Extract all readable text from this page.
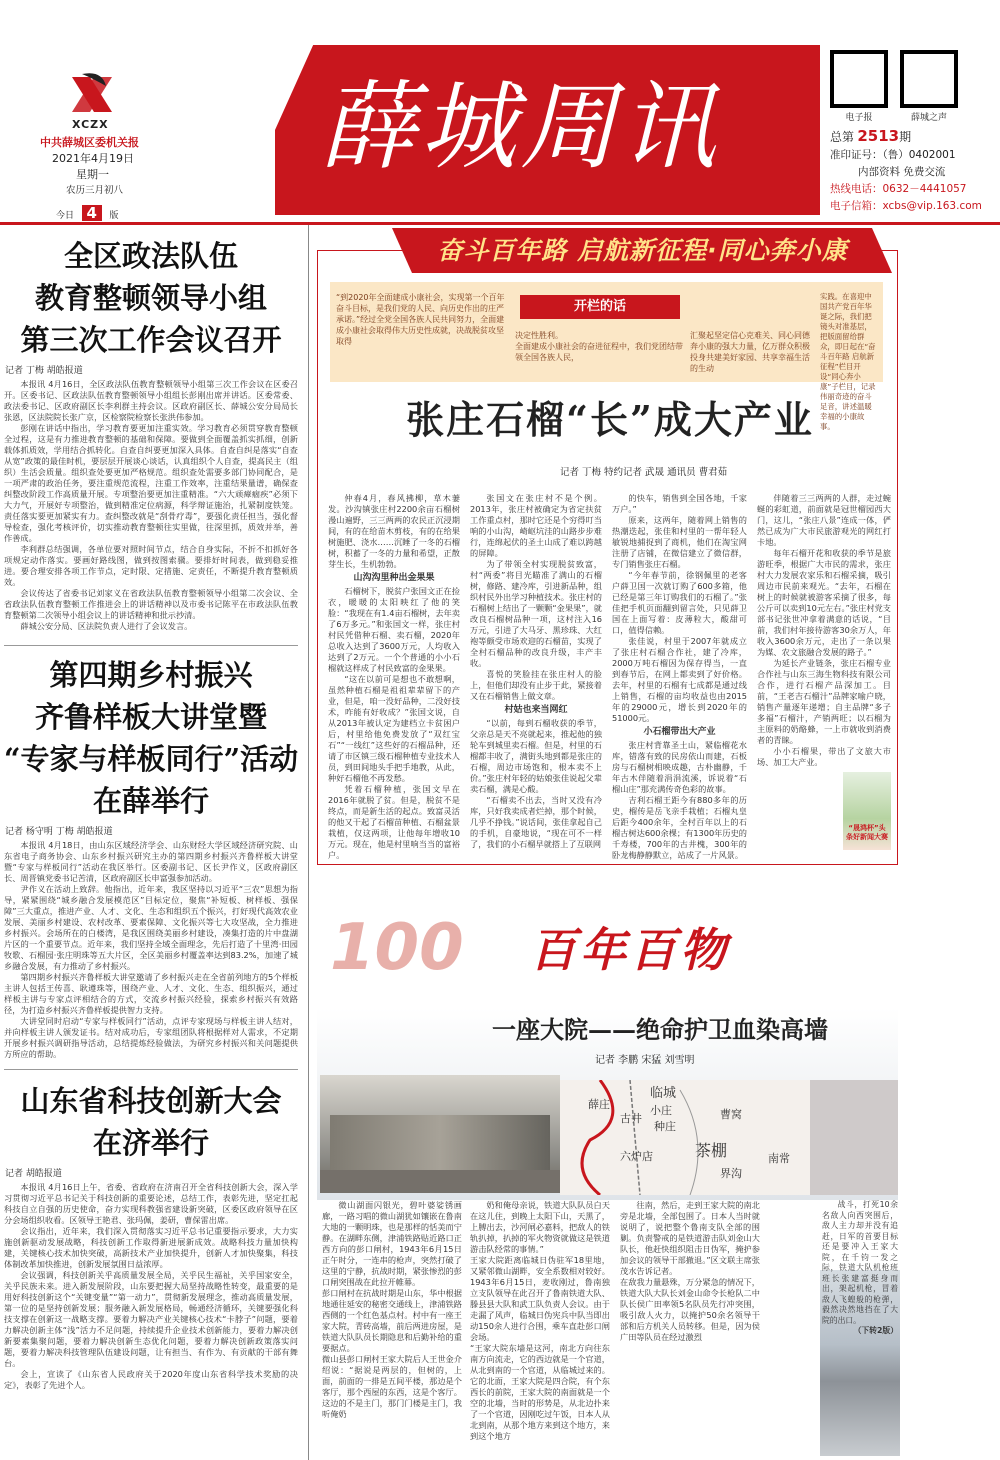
XCZX
中共薛城区委机关报
2021年4月19日
星期一
农历三月初八
今日 4 版
薛城周讯	电子报	薛城之声
总第 2513期
准印证号：（鲁）0402001
内部资料 免费交流
热线电话：0632－4441057
电子信箱：xcbs@vip.163.com
全区政法队伍
教育整顿领导小组
第三次工作会议召开
记者 丁梅 胡皓报道

本报讯 4月16日，全区政法队伍教育整顿领导小组第三次工作会议在区委召开。区委书记、区政法队伍教育整顿领导小组组长彭刚出席并讲话。区委常委、政法委书记、区政府副区长李利群主持会议。区政府副区长、薛城公安分局局长张恩，区法院院长张广京，区检察院检察长张洪伟参加。

彭刚在讲话中指出，学习教育要更加注重实效。学习教育必须贯穿教育整顿全过程，这是有力推进教育整顿的基础和保障。要做到全面覆盖抓实抓细，创新载体抓质效，学用结合抓转化。自查自纠要更加深入具体。自查自纠是落实“自查从宽”政策的最佳时机，要层层开展谈心谈话，认真组织个人自查，提高民主（组织）生活会质量。组织查处要更加严格规范。组织查处需要多部门协同配合，是一项严肃的政治任务，要注重规范流程，注重工作效率，注重结果量谱，确保查纠整改阶段工作高质量开展。专项整治要更加注重精准。“六大顽瘴痼疾”必须下大力气，开展好专项整治，做到精准定位病源，科学辩证施治，扎紧制度铁笼。责任落实要更加紧实有力。查纠整改就是“刮骨疗毒”，要强化责任担当，强化督导检查，强化考核评价，切实推动教育整顿往实里做，往深里抓，质效并举，善作善成。

李利群总结强调，各单位要对照时间节点，结合自身实际，不折不扣抓好各项规定动作落实。要画好路线图，做到按图索骥。要排好时间表，做到稳妥推进。要合理安排各项工作节点，定时限、定措施、定责任，不断提升教育整顿质效。

会议传达了省委书记刘家义在省政法队伍教育整顿领导小组第二次会议、全省政法队伍教育整顿工作推进会上的讲话精神以及市委书记陈平在市政法队伍教育整顿第二次领导小组会议上的讲话精神和批示抄清。

薛城公安分局、区法院负责人进行了会议发言。

第四期乡村振兴
齐鲁样板大讲堂暨
“专家与样板同行”活动
在薛举行
记者 杨守明 丁梅 胡皓报道

本报讯 4月18日，由山东区域经济学会、山东财经大学区域经济研究院、山东省电子商务协会、山东乡村振兴研究主办的第四期乡村振兴齐鲁样板大讲堂暨“专家与样板同行”活动在我区举行。区委副书记、区长尹作义，区政府副区长、周晋镇党委书记苦清，区政府副区长申富强参加活动。

尹作义在活动上致辞。他指出，近年来，我区坚持以习近平“三农”思想为指导，紧紧围绕“城乡融合发展模范区”目标定位，聚焦“补短板、树样板、强保障”三大重点，推进产业、人才、文化、生态和组织五个振兴，打好现代高效农业发展、美丽乡村建设、农村改革、要素保障、文化振兴等七大攻坚战，全力推进乡村振兴。会场所在的白楼湾，是我区围绕美丽乡村建设，凑集打造的片中盘湖片区的一个重要节点。近年来，我们坚持全域全面理念，先后打造了十里湾·田园牧歌、石榴园·张庄明珠等五大片区，全区美丽乡村覆盖率达到83.2%，加速了城乡融合发展，有力推动了乡村振兴。

第四期乡村振兴齐鲁样板大讲堂邀请了乡村振兴走在全省前列地方的5个样板主讲人包括王传喜、耿遵珠等，围绕产业、人才、文化、生态、组织振兴，通过样板主讲与专家点评相结合的方式，交流乡村振兴经验，探索乡村振兴有效路径，为打造乡村振兴齐鲁样板提供智力支持。

大讲堂同时启动“专家与样板同行”活动，点评专家现场与样板主讲人结对，并向样板主讲人颁发证书。结对成功后，专家组团队将根据样对人需求，不定期开展乡村振兴调研指导活动，总结提炼经验做法，为研究乡村振兴和关问题提供方所应的帮助。

山东省科技创新大会
在济举行
记者 胡皓报道

本报讯 4月16日上午，省委、省政府在济南召开全省科技创新大会，深入学习贯彻习近平总书记关于科技创新的重要论述，总结工作，表彰先进，坚定扛起科技自立自强的历史使命，奋力实现科教强省建设新突破，区委区政府领导在区分会场组织收看。区领导王艳君、张玛佩，姜研，曹保雷出席。

会议指出，近年来，我们深入贯彻落实习近平总书记重要指示要求，大力实施创新驱动发展战略，科技创新工作取得新进展新成效。战略科技力量加快构建，关键核心技术加快突破，高新技术产业加快提升，创新人才加快聚集，科技体制改革加快推进，创新发展氛围日益浓厚。

会议强调，科技创新关乎高质量发展全局，关乎民生福祉，关乎国家安全，关乎民族未来。进入新发展阶段，山东要把握大局坚持战略性转变，最重要的是用好科技创新这个“关键变量”“第一动力”，贯彻新发展理念，推动高质量发展，第一位的是坚持创新发展；服务融入新发展格局，畅通经济循环，关键要强化科技支撑在创新这一战略支撑。要着力解决产业关键核心技术“卡脖子”问题，要着力解决创新主体“浅”活力不足问题，持续提升企业技术创新能力，要着力解决创新要素集聚问题，要着力解决创新生态优化问题，要着力解决创新政策落实问题，要着力解决科技管理队伍建设问题，让有担当、有作为、有贡献的干部有舞台。

会上，宣读了《山东省人民政府关于2020年度山东省科学技术奖励的决定》，表彰了先进个人。

奋斗百年路 启航新征程·同心奔小康
开栏的话
“到2020年全面建成小康社会，实现第一个百年奋斗目标，是我们党的人民、向历史作出的庄严承诺。”经过全党全国各族人民共同努力，全面建成小康社会取得伟大历史性成就，决战脱贫攻坚取得
决定性胜利。
全面建成小康社会的奋进征程中，我们党团结带领全国各族人民，
汇聚起坚定信心克难关、同心同德奔小康的强大力量，亿万群众积极投身共建美好家园、共享幸福生活的生动
实践。在喜迎中国共产党百年华诞之际，我们把镜头对准基层，把版面留给群众，即日起在“奋斗百年路 启航新征程”栏目开设“同心奔小康”子栏目，记录伟丽奇迹的奋斗足音，讲述温暖幸福的小康故事。
张庄石榴“长”成大产业
记者 丁梅 特约记者 武晟 通讯员 曹君茹

仲春4月，春风拂柳，草木萋发。沙沟镇张庄村2200余亩石榴树漫山遍野，三三两两的农民正沉浸期间，有的在给苗木剪枝，有的在给果树施肥、浇水……沉睡了一冬的石榴树，积蓄了一冬的力量和希望，正散芽生长，生机勃勃。

山沟沟里种出金果果

石榴树下，脱贫户张国文正在捡衣，暖暖的太阳映红了他的笑脸：“我现在有1.4亩石榴树，去年卖了6万多元。”和张国文一样，张庄村村民凭借种石榴、卖石榴，2020年总收入达到了3600万元，人均收入达到了2万元。一个个普通的小小石榴就这样成了村民致富的金果果。

“这在以前可是想也不敢想啊，虽然种植石榴是祖祖辈辈留下的产业，但是，咱一没好品种，二没好技术，咋能有好收成？”张国文说，自从2013年被认定为建档立卡贫困户后，村里给他免费发放了“双红宝石”“一线红”这些好的石榴品种，还请了市区镇三级石榴种植专业技术人员，到田间地头手把手地教，从此，种好石榴他不再发愁。

凭着石榴种植，张国文早在2016年就脱了贫。但是，脱贫不是终点，而是新生活的起点。致富灵活的他又干起了石榴苗种植、石榴盆景栽植，仅这两项，让他每年增收10万元。现在，他是村里响当当的富裕户。

张国文在张庄村不是个例。2013年，张庄村被确定为省定扶贫工作重点村，那时它还是个穷得叮当响的小山沟，崎岖坑洼的山路步步难行，连绵起伏的圣土山成了难以跨越的屏障。

为了带领全村实现脱贫致富，村“两委”将目光瞄准了满山的石榴树，修路、建冷库，引进新品种，组织村民外出学习种植技术。张庄村的石榴树上结出了一颗颗“金果果”，就改良石榴树品种一项，这村注入16万元，引进了大马牙、黑珍珠、大红袍等颇受市场欢迎的石榴苗，实现了全村石榴品种的改良升级，丰产丰收。

喜悦的笑脸挂在张庄村人的脸上，但他们却没有止步于此，紧接着又在石榴销售上做文章。

村姑也来当网红

“以前，每到石榴收获的季节，父亲总是天不亮就起来，推起他的独轮车到城里卖石榴。但是，村里的石榴都丰收了，满街头地到都是张庄的石榴，周边市场饱和，根本卖不上价。”张庄村年轻的姑娘张佳说起父辈卖石榴，满是心酸。

“石榴卖不出去，当时又没有冷库，只好我卖成者烂掉，那个时候，几乎不挣钱。”说话间，张佳拿起自己的手机，自豪地说，“现在可不一样了，我们的小石榴早就搭上了互联网

的快车，销售到全国各地，千家万户。”

原来，这两年，随着网上销售的热潮迭起，张佳和村里的一帮年轻人敏锐地捕捉到了商机，他们在淘宝网注册了店铺，在微信建立了微信群，专门销售张庄石榴。

“今年春节前，徐钢佩里的老客户薛卫国一次就订购了600多箱，他已经是第三年订购我们的石榴了。”张佳把手机页面翻到留言处，只见薛卫国在上面写着：皮薄粒大，酸甜可口，值得信赖。

张佳说，村里于2007年就成立了张庄村石榴合作社，建了冷库，2000万吨石榴因为保存得当，一直到春节后，在网上都卖到了好价格。去年，村里的石榴有七成都是通过线上销售，石榴的亩均收益也由2015年的29000元，增长到2020年的51000元。

小石榴带出大产业

张庄村背靠圣土山，紧临榴花水库，错落有致的民房依山而建，石板房与石榴树相映成趣，古朴幽静，千年古木伴随着涓涓流溪，诉说着“石榴山庄”那充满传奇色彩的故事。

吉利石榴王距今有880多年的历史，榴传是岳飞亲手栽植；石榴丸皇后距今400余年，全村百年以上的石榴古树达600余棵；有1300年历史的千寿楼，700年的古井槐，300年的卧龙梅静静默立，站成了一片风景。

伴随着三三两两的人群，走过蜿蜒的彩虹道，前面就是冠世榴园西大门，这儿，“张庄八景”连成一体，俨然已成为广大市民旅游观光的网红打卡地。

每年石榴开花和收获的季节是旅游旺季，根据广大市民的需求，张庄村大力发展农家乐和石榴采摘，吸引周边市民前来观光。“去年，石榴在树上的时候就被游客采摘了很多，每公斤可以卖到10元左右。”张庄村党支部书记张世冲拿着满意的话说，“目前，我们村年接待游客30余万人，年收入3600余万元，走出了一条以果为媒、农文旅融合发展的路子。”

为延长产业链条，张庄石榴专业合作社与山东三海生物科技有限公司合作，进行石榴产品深加工。目前，“王老吉石榴汁”品牌家喻户晓，销售产量逐年递增；自主品牌“多子多福”石榴汁，产销两旺；以石榴为主原料的奶酪蜂，一上市就收到消费者的青睐。

小小石榴果，带出了文旅大市场、加工大产业。

“晟鸿杯”头条好新闻大赛
100	百年百物
一座大院——绝命护卫血染高墙
记者 李鹏 宋猛 刘雪明
临城
薛庄	小庄
古井
种庄
曹窝
茶棚
六炉店
界沟
南常
微山湖面闪银光，碧叶婆娑锈画廊，一路习唱的微山湖犹如镶嵌在鲁南大地的一颗明珠，也是那样的恬美而宁静。在湖畔东侧，津浦铁路贴近路口正西方向的彭口闸村，1943年6月15日正午时分，一连串的枪声，突然打破了这里的宁静，抗战时期，紧张惨烈的彭口闸突围战在此拉开帷幕。
彭口闸村在抗战时期是山东，华中根据地通往延安的秘密交通线上，津浦铁路西侧的一个红色基点村。村中有一座王家大院，青砖高墙，前后两进房屋，是铁道大队队员长期隐息和后勤补给的重要据点。
微山县彭口闸村王家大院后人王世金介绍说：“据说是两层的，但树的，上面，前面的一排是五间平楼，那边是个客厅，那个西屋的东西，这是个客厅。这边的不是主门，那门门楼是主门，我听俺奶
奶和俺母亲说，铁道大队队员白天在这儿住，到晚上太阳下山，天黑了，上膊出去，沙河闸必嘉料，把敌人的铁轨扒掉，扒掉的军火物资就做这是铁道游击队经常的事情。”
王家大院距离临城日伪驻军18里地，又紧邻微山湖畔，安全系数相对较好。1943年6月15日，麦收刚过，鲁南独立支队领导在此召开了鲁南铁道大队、滕县县大队和武工队负责人会议。由于走漏了风声，临城日伪宪兵中队当即出动150余人进行合围，乘车直赴彭口闸会场。
“王家大院东墙是这河，南北方向往东南方向流走，它的西边就是一个官道，从北到南的一个官道，从临城过来的。它的北面，王家大院是四合院，有个东西长的前院，王家大院的南面就是一个空的北墙，当时的形势是，从北边扑来了一个官道，因刚吃过午饭，日本人从北到南，从那个地方来到这个地方，来到这个地方
往南，然后，走到王家大院的南北旁是北墙，全部包围了。日本人当时就说明了，说把整个鲁南支队全部的围剿。负责警戒的是铁道游击队刘金山大队长，他赶快组织阻击日伪军，掩护参加会议的领导干部撤退。”区文联主席张茂水告诉记者。
在敌我力量悬殊，万分紧急的情况下，铁道大队大队长刘金山命令长枪队二中队长侯广田率领5名队员先行冲突围，吸引敌人火力，以掩护50余名领导干部和后方机关人员转移。但是，因为侯广田等队员在经过激烈

战斗，打死10余名敌人向西突围后，敌人主力却并没有追赶，日军的首要目标还是要冲入王家大院，在千钧一发之际，铁道大队机枪班班长张建富挺身而出，架起机枪，冒着敌人飞蝗般的枪弹，毅然决然地挡在了大院的出口。

（下转2版）
